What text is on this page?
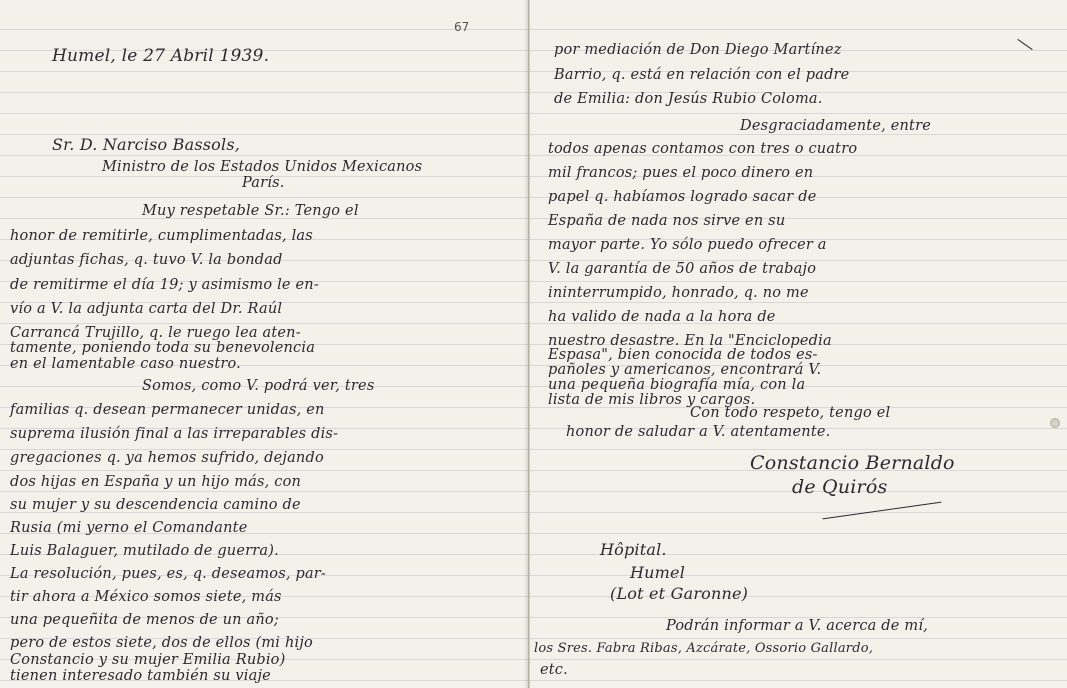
67
Humel, le 27 Abril 1939.
Sr. D. Narciso Bassols,
Ministro de los Estados Unidos Mexicanos
París.
Muy respetable Sr.: Tengo el
honor de remitirle, cumplimentadas, las
adjuntas fichas, q. tuvo V. la bondad
de remitirme el día 19; y asimismo le en-
vío a V. la adjunta carta del Dr. Raúl
Carrancá Trujillo, q. le ruego lea aten-
tamente, poniendo toda su benevolencia
en el lamentable caso nuestro.
Somos, como V. podrá ver, tres
familias q. desean permanecer unidas, en
suprema ilusión final a las irreparables dis-
gregaciones q. ya hemos sufrido, dejando
dos hijas en España y un hijo más, con
su mujer y su descendencia camino de
Rusia (mi yerno el Comandante
Luis Balaguer, mutilado de guerra).
La resolución, pues, es, q. deseamos, par-
tir ahora a México somos siete, más
una pequeñita de menos de un año;
pero de estos siete, dos de ellos (mi hijo
Constancio y su mujer Emilia Rubio)
tienen interesado también su viaje
por mediación de Don Diego Martínez
Barrio, q. está en relación con el padre
de Emilia: don Jesús Rubio Coloma.
Desgraciadamente, entre
todos apenas contamos con tres o cuatro
mil francos; pues el poco dinero en
papel q. habíamos logrado sacar de
España de nada nos sirve en su
mayor parte. Yo sólo puedo ofrecer a
V. la garantía de 50 años de trabajo
ininterrumpido, honrado, q. no me
ha valido de nada a la hora de
nuestro desastre. En la "Enciclopedia
Espasa", bien conocida de todos es-
pañoles y americanos, encontrará V.
una pequeña biografía mía, con la
lista de mis libros y cargos.
Con todo respeto, tengo el
honor de saludar a V. atentamente.
Constancio Bernaldo
de Quirós
Hôpital.
Humel
(Lot et Garonne)
Podrán informar a V. acerca de mí,
los Sres. Fabra Ribas, Azcárate, Ossorio Gallardo,
etc.
